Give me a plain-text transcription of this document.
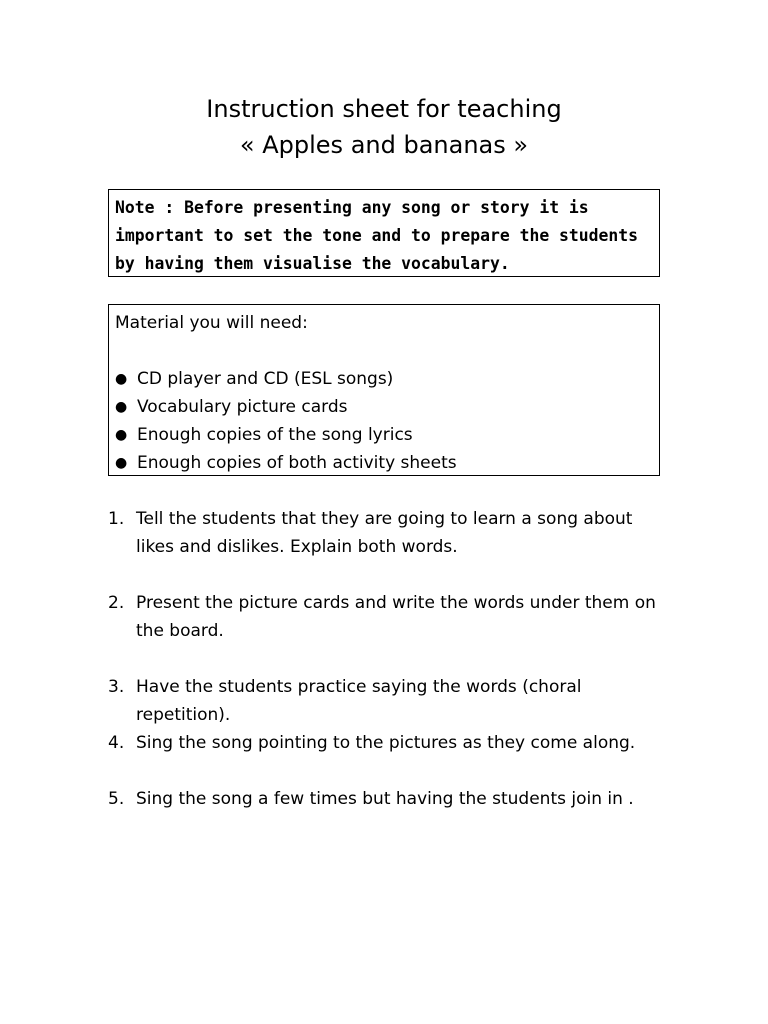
Instruction sheet for teaching
« Apples and bananas »
Note : Before presenting any song or story it is important to set the tone and to prepare the students by having them visualise the vocabulary.
Material you will need:
● CD player and CD (ESL songs)
● Vocabulary picture cards
● Enough copies of the song lyrics
● Enough copies of both activity sheets
1. Tell the students that they are going to learn a song about likes and dislikes. Explain both words.
2. Present the picture cards and write the words under them on the board.
3. Have the students practice saying the words (choral repetition).
4. Sing the song pointing to the pictures as they come along.
5. Sing the song a few times but having the students join in .
